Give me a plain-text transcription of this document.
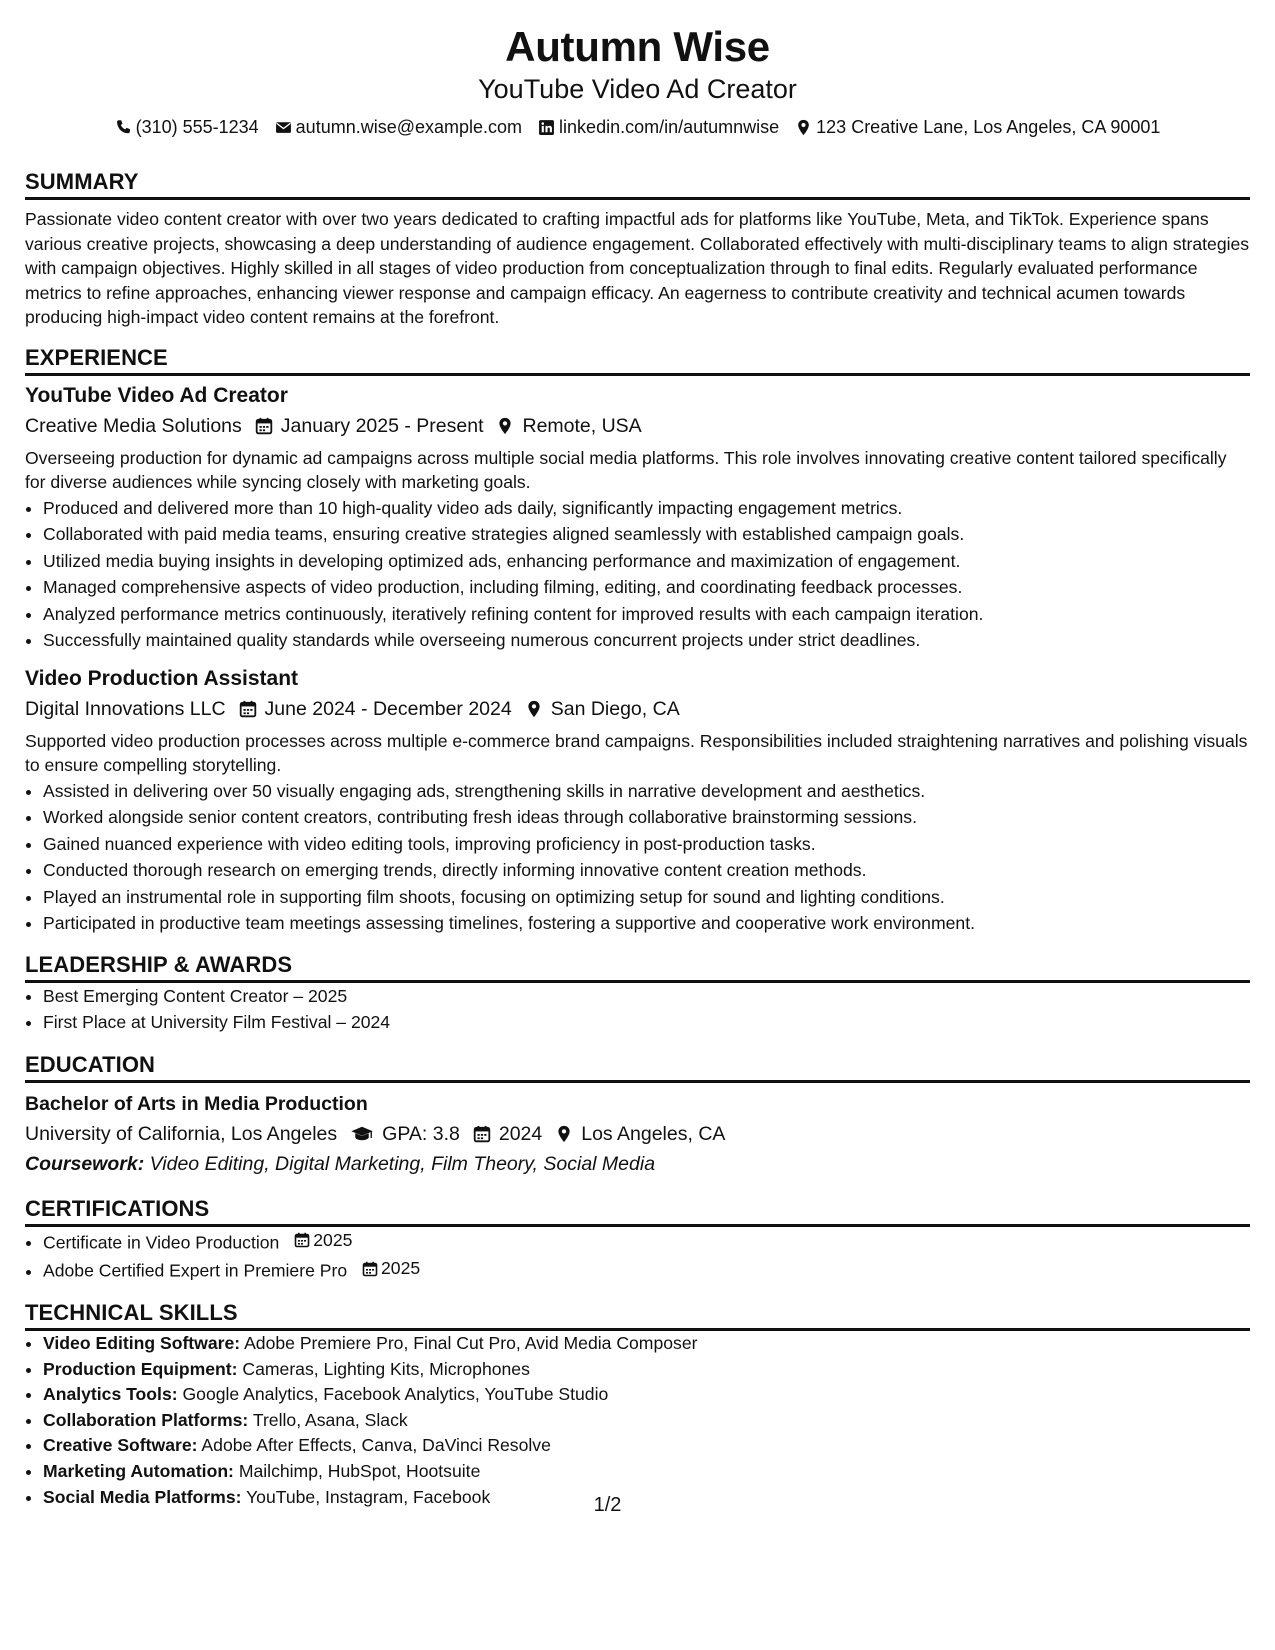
Autumn Wise
YouTube Video Ad Creator
(310) 555-1234 autumn.wise@example.com linkedin.com/in/autumnwise 123 Creative Lane, Los Angeles, CA 90001
SUMMARY
Passionate video content creator with over two years dedicated to crafting impactful ads for platforms like YouTube, Meta, and TikTok. Experience spans various creative projects, showcasing a deep understanding of audience engagement. Collaborated effectively with multi-disciplinary teams to align strategies with campaign objectives. Highly skilled in all stages of video production from conceptualization through to final edits. Regularly evaluated performance metrics to refine approaches, enhancing viewer response and campaign efficacy. An eagerness to contribute creativity and technical acumen towards producing high-impact video content remains at the forefront.
EXPERIENCE
YouTube Video Ad Creator
Creative Media Solutions January 2025 - Present Remote, USA
Overseeing production for dynamic ad campaigns across multiple social media platforms. This role involves innovating creative content tailored specifically for diverse audiences while syncing closely with marketing goals.
• Produced and delivered more than 10 high-quality video ads daily, significantly impacting engagement metrics.
• Collaborated with paid media teams, ensuring creative strategies aligned seamlessly with established campaign goals.
• Utilized media buying insights in developing optimized ads, enhancing performance and maximization of engagement.
• Managed comprehensive aspects of video production, including filming, editing, and coordinating feedback processes.
• Analyzed performance metrics continuously, iteratively refining content for improved results with each campaign iteration.
• Successfully maintained quality standards while overseeing numerous concurrent projects under strict deadlines.
Video Production Assistant
Digital Innovations LLC June 2024 - December 2024 San Diego, CA
Supported video production processes across multiple e-commerce brand campaigns. Responsibilities included straightening narratives and polishing visuals to ensure compelling storytelling.
• Assisted in delivering over 50 visually engaging ads, strengthening skills in narrative development and aesthetics.
• Worked alongside senior content creators, contributing fresh ideas through collaborative brainstorming sessions.
• Gained nuanced experience with video editing tools, improving proficiency in post-production tasks.
• Conducted thorough research on emerging trends, directly informing innovative content creation methods.
• Played an instrumental role in supporting film shoots, focusing on optimizing setup for sound and lighting conditions.
• Participated in productive team meetings assessing timelines, fostering a supportive and cooperative work environment.
LEADERSHIP & AWARDS
• Best Emerging Content Creator – 2025
• First Place at University Film Festival – 2024
EDUCATION
Bachelor of Arts in Media Production
University of California, Los Angeles GPA: 3.8 2024 Los Angeles, CA
Coursework: Video Editing, Digital Marketing, Film Theory, Social Media
CERTIFICATIONS
• Certificate in Video Production 2025
• Adobe Certified Expert in Premiere Pro 2025
TECHNICAL SKILLS
• Video Editing Software: Adobe Premiere Pro, Final Cut Pro, Avid Media Composer
• Production Equipment: Cameras, Lighting Kits, Microphones
• Analytics Tools: Google Analytics, Facebook Analytics, YouTube Studio
• Collaboration Platforms: Trello, Asana, Slack
• Creative Software: Adobe After Effects, Canva, DaVinci Resolve
• Marketing Automation: Mailchimp, HubSpot, Hootsuite
• Social Media Platforms: YouTube, Instagram, Facebook	1/2
